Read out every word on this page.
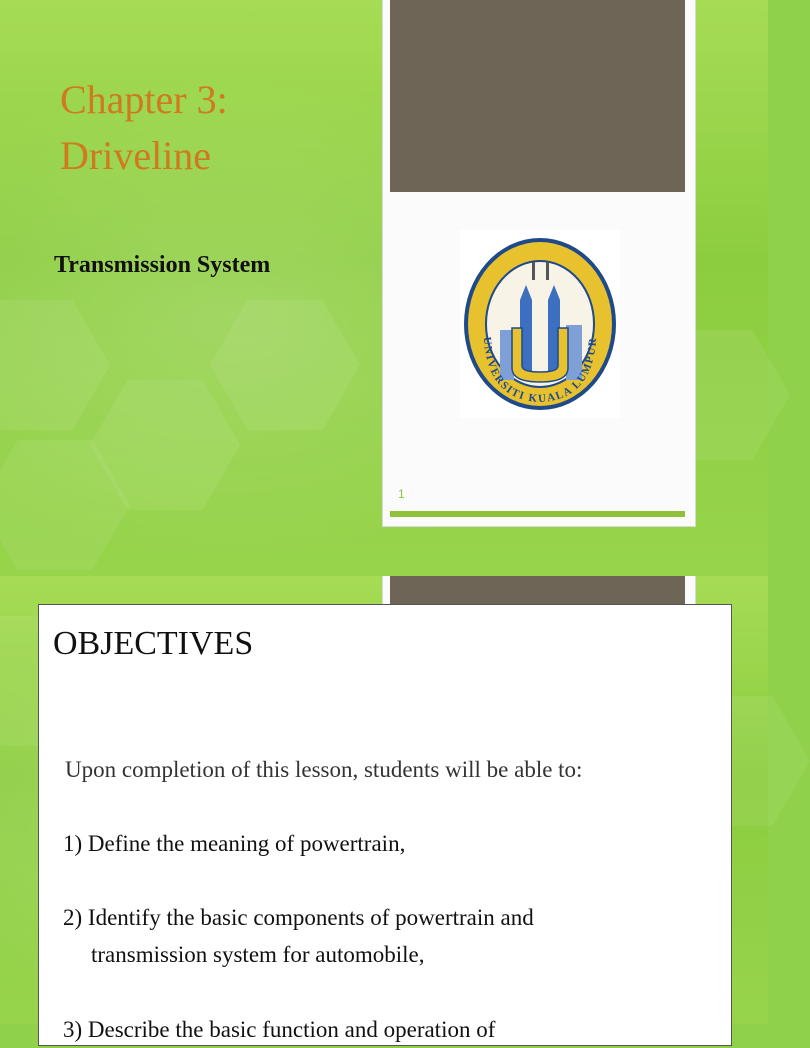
Chapter 3:
Driveline

Transmission System

UNIVERSITI KUALA LUMPUR
1
OBJECTIVES

Upon completion of this lesson, students will be able to:

1) Define the meaning of powertrain,

2) Identify the basic components of powertrain and
transmission system for automobile,

3) Describe the basic function and operation of
